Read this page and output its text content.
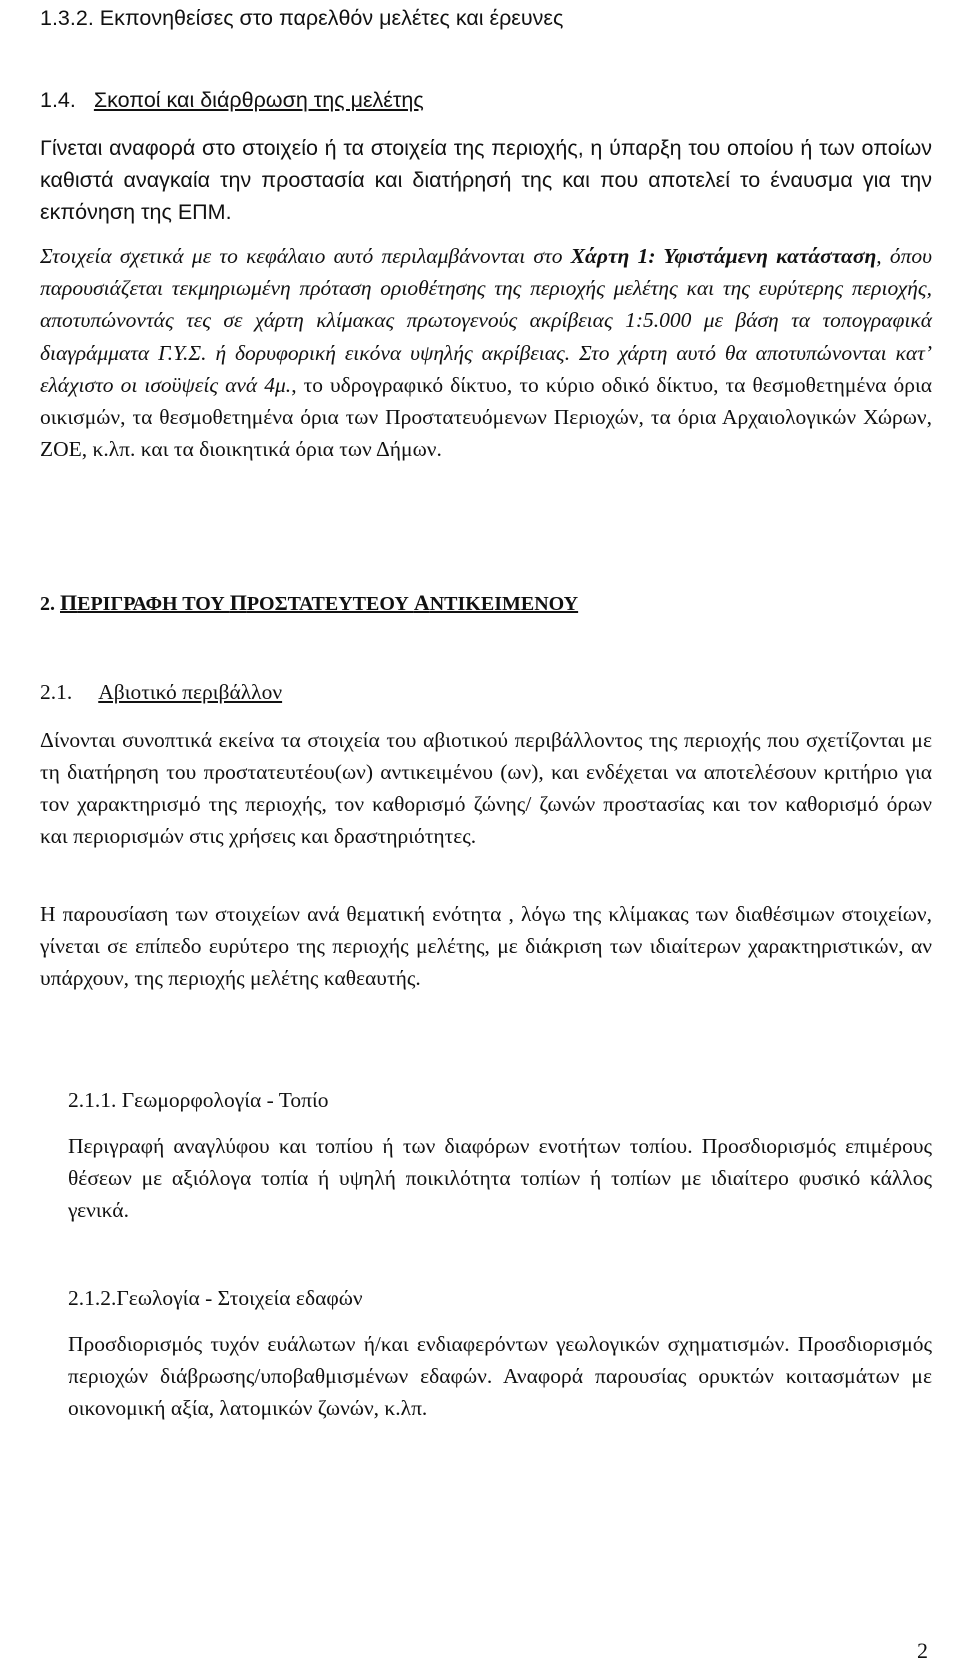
1.3.2. Εκπονηθείσες στο παρελθόν μελέτες και έρευνες
1.4. Σκοποί και διάρθρωση της μελέτης

Γίνεται αναφορά στο στοιχείο ή τα στοιχεία της περιοχής, η ύπαρξη του οποίου ή των οποίων καθιστά αναγκαία την προστασία και διατήρησή της και που αποτελεί το έναυσμα για την εκπόνηση της ΕΠΜ.

Στοιχεία σχετικά με το κεφάλαιο αυτό περιλαμβάνονται στο Χάρτη 1: Υφιστάμενη κατάσταση, όπου παρουσιάζεται τεκμηριωμένη πρόταση οριοθέτησης της περιοχής μελέτης και της ευρύτερης περιοχής, αποτυπώνοντάς τες σε χάρτη κλίμακας πρωτογενούς ακρίβειας 1:5.000 με βάση τα τοπογραφικά διαγράμματα Γ.Υ.Σ. ή δορυφορική εικόνα υψηλής ακρίβειας. Στο χάρτη αυτό θα αποτυπώνονται κατ’ ελάχιστο οι ισοϋψείς ανά 4μ., το υδρογραφικό δίκτυο, το κύριο οδικό δίκτυο, τα θεσμοθετημένα όρια οικισμών, τα θεσμοθετημένα όρια των Προστατευόμενων Περιοχών, τα όρια Αρχαιολογικών Χώρων, ΖΟΕ, κ.λπ. και τα διοικητικά όρια των Δήμων.

2. ΠΕΡΙΓΡΑΦΗ ΤΟΥ ΠΡΟΣΤΑΤΕΥΤΕΟΥ ΑΝΤΙΚΕΙΜΕΝΟΥ
2.1. Αβιοτικό περιβάλλον

Δίνονται συνοπτικά εκείνα τα στοιχεία του αβιοτικού περιβάλλοντος της περιοχής που σχετίζονται με τη διατήρηση του προστατευτέου(ων) αντικειμένου (ων), και ενδέχεται να αποτελέσουν κριτήριο για τον χαρακτηρισμό της περιοχής, τον καθορισμό ζώνης/ ζωνών προστασίας και τον καθορισμό όρων και περιορισμών στις χρήσεις και δραστηριότητες.

Η παρουσίαση των στοιχείων ανά θεματική ενότητα , λόγω της κλίμακας των διαθέσιμων στοιχείων, γίνεται σε επίπεδο ευρύτερο της περιοχής μελέτης, με διάκριση των ιδιαίτερων χαρακτηριστικών, αν υπάρχουν, της περιοχής μελέτης καθεαυτής.

2.1.1. Γεωμορφολογία - Τοπίο

Περιγραφή αναγλύφου και τοπίου ή των διαφόρων ενοτήτων τοπίου. Προσδιορισμός επιμέρους θέσεων με αξιόλογα τοπία ή υψηλή ποικιλότητα τοπίων ή τοπίων με ιδιαίτερο φυσικό κάλλος γενικά.

2.1.2.Γεωλογία - Στοιχεία εδαφών

Προσδιορισμός τυχόν ευάλωτων ή/και ενδιαφερόντων γεωλογικών σχηματισμών. Προσδιορισμός περιοχών διάβρωσης/υποβαθμισμένων εδαφών. Αναφορά παρουσίας ορυκτών κοιτασμάτων με οικονομική αξία, λατομικών ζωνών, κ.λπ.

2
